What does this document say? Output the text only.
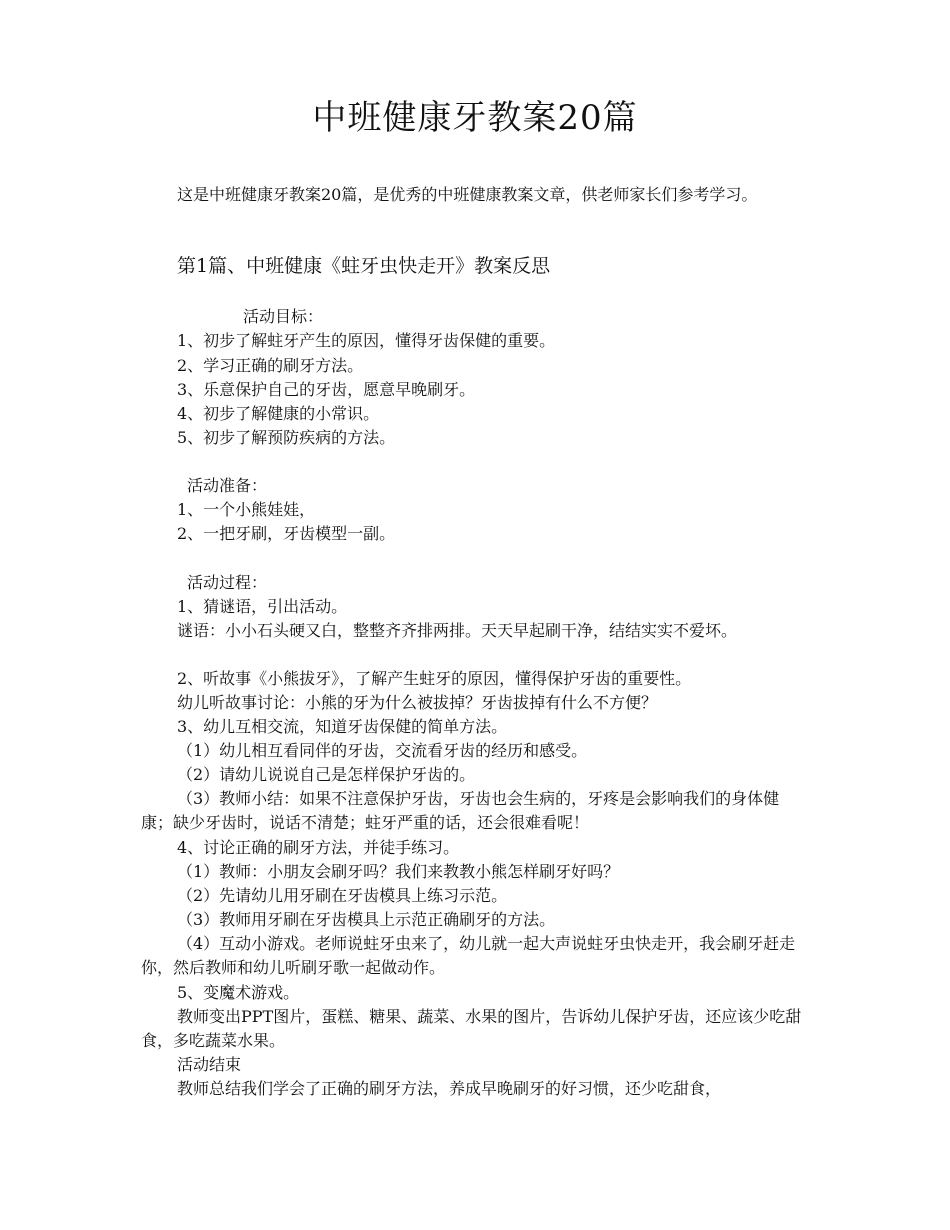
中班健康牙教案20篇

这是中班健康牙教案20篇，是优秀的中班健康教案文章，供老师家长们参考学习。

第1篇、中班健康《蛀牙虫快走开》教案反思
活动目标：
1、初步了解蛀牙产生的原因，懂得牙齿保健的重要。
2、学习正确的刷牙方法。
3、乐意保护自己的牙齿，愿意早晚刷牙。
4、初步了解健康的小常识。
5、初步了解预防疾病的方法。
活动准备：
1、一个小熊娃娃，
2、一把牙刷，牙齿模型一副。
活动过程：
1、猜谜语，引出活动。

谜语：小小石头硬又白，整整齐齐排两排。天天早起刷干净，结结实实不爱坏。

2、听故事《小熊拔牙》，了解产生蛀牙的原因，懂得保护牙齿的重要性。
幼儿听故事讨论：小熊的牙为什么被拔掉？牙齿拔掉有什么不方便？
3、幼儿互相交流，知道牙齿保健的简单方法。
（1）幼儿相互看同伴的牙齿，交流看牙齿的经历和感受。
（2）请幼儿说说自己是怎样保护牙齿的。

（3）教师小结：如果不注意保护牙齿，牙齿也会生病的，牙疼是会影响我们的身体健康；缺少牙齿时，说话不清楚；蛀牙严重的话，还会很难看呢！

4、讨论正确的刷牙方法，并徒手练习。
（1）教师：小朋友会刷牙吗？我们来教教小熊怎样刷牙好吗？
（2）先请幼儿用牙刷在牙齿模具上练习示范。
（3）教师用牙刷在牙齿模具上示范正确刷牙的方法。

（4）互动小游戏。老师说蛀牙虫来了，幼儿就一起大声说蛀牙虫快走开，我会刷牙赶走你，然后教师和幼儿听刷牙歌一起做动作。

5、变魔术游戏。

教师变出PPT图片，蛋糕、糖果、蔬菜、水果的图片，告诉幼儿保护牙齿，还应该少吃甜食，多吃蔬菜水果。

活动结束
教师总结我们学会了正确的刷牙方法，养成早晚刷牙的好习惯，还少吃甜食，
